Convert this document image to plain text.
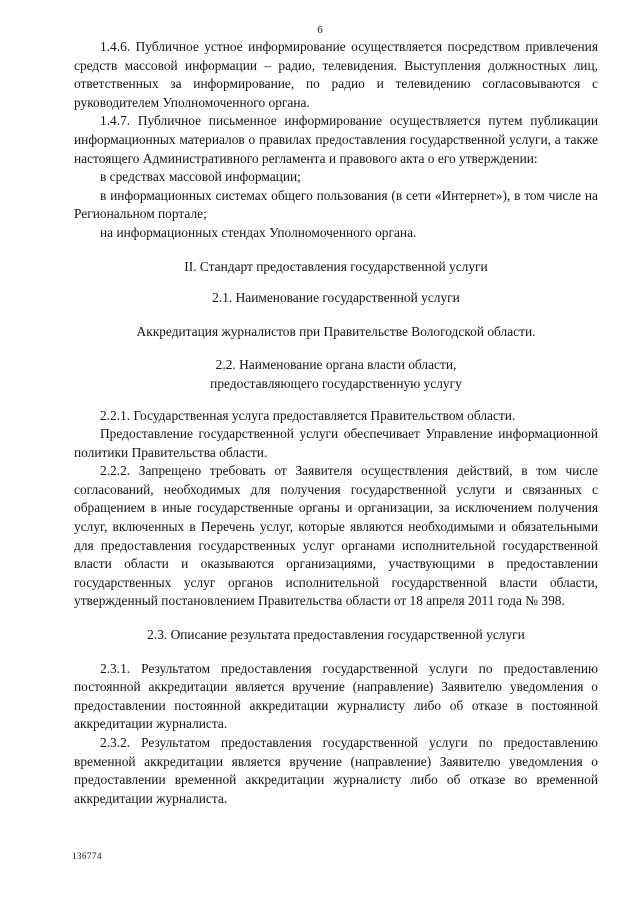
6

1.4.6. Публичное устное информирование осуществляется посредством привлечения средств массовой информации – радио, телевидения. Выступления должностных лиц, ответственных за информирование, по радио и телевидению согласовываются с руководителем Уполномоченного органа.

1.4.7. Публичное письменное информирование осуществляется путем публикации информационных материалов о правилах предоставления государственной услуги, а также настоящего Административного регламента и правового акта о его утверждении:

в средствах массовой информации;

в информационных системах общего пользования (в сети «Интернет»), в том числе на Региональном портале;

на информационных стендах Уполномоченного органа.

II. Стандарт предоставления государственной услуги

2.1. Наименование государственной услуги

Аккредитация журналистов при Правительстве Вологодской области.

2.2. Наименование органа власти области,

предоставляющего государственную услугу

2.2.1. Государственная услуга предоставляется Правительством области.

Предоставление государственной услуги обеспечивает Управление информационной политики Правительства области.

2.2.2. Запрещено требовать от Заявителя осуществления действий, в том числе согласований, необходимых для получения государственной услуги и связанных с обращением в иные государственные органы и организации, за исключением получения услуг, включенных в Перечень услуг, которые являются необходимыми и обязательными для предоставления государственных услуг органами исполнительной государственной власти области и оказываются организациями, участвующими в предоставлении государственных услуг органов исполнительной государственной власти области, утвержденный постановлением Правительства области от 18 апреля 2011 года № 398.

2.3. Описание результата предоставления государственной услуги

2.3.1. Результатом предоставления государственной услуги по предоставлению постоянной аккредитации является вручение (направление) Заявителю уведомления о предоставлении постоянной аккредитации журналисту либо об отказе в постоянной аккредитации журналиста.

2.3.2. Результатом предоставления государственной услуги по предоставлению временной аккредитации является вручение (направление) Заявителю уведомления о предоставлении временной аккредитации журналисту либо об отказе во временной аккредитации журналиста.

136774
